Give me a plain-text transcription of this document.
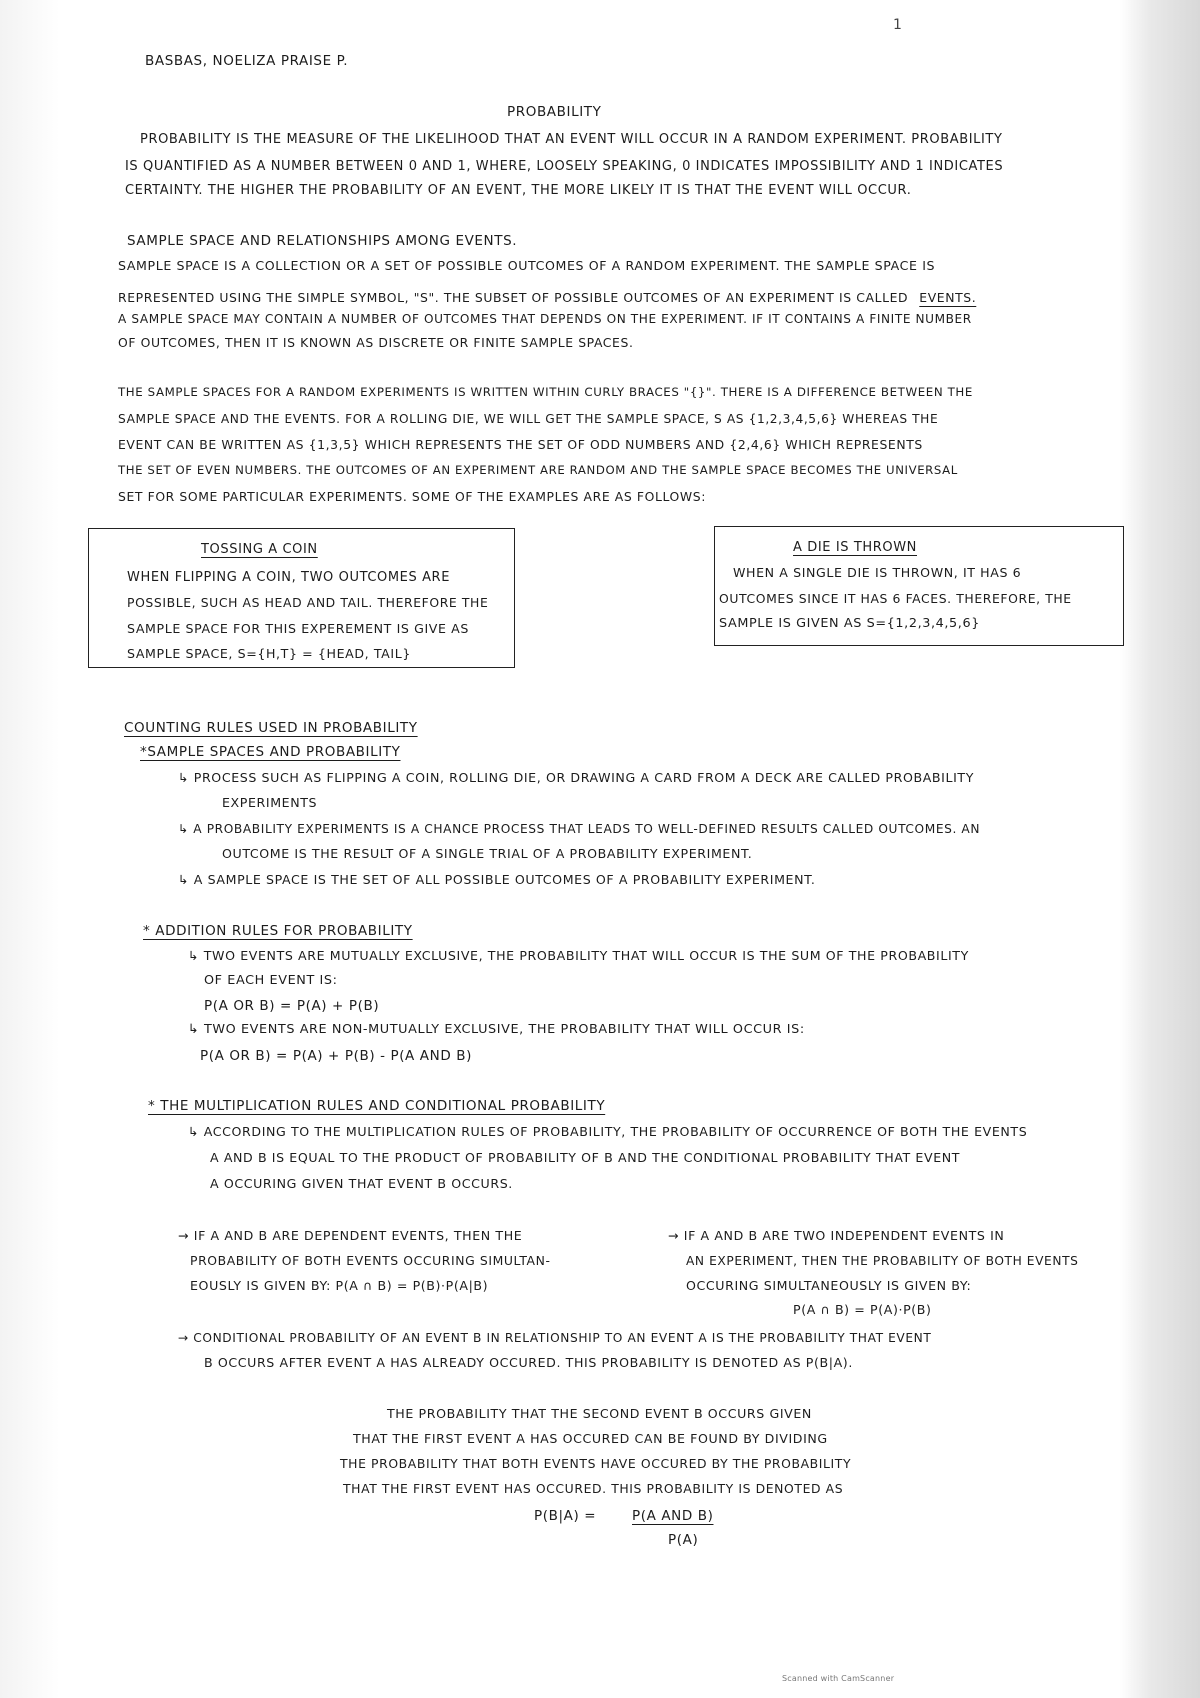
BASBAS, NOELIZA PRAISE P.
1
PROBABILITY
PROBABILITY IS THE MEASURE OF THE LIKELIHOOD THAT AN EVENT WILL OCCUR IN A RANDOM EXPERIMENT. PROBABILITY
IS QUANTIFIED AS A NUMBER BETWEEN 0 AND 1, WHERE, LOOSELY SPEAKING, 0 INDICATES IMPOSSIBILITY AND 1 INDICATES
CERTAINTY. THE HIGHER THE PROBABILITY OF AN EVENT, THE MORE LIKELY IT IS THAT THE EVENT WILL OCCUR.
SAMPLE SPACE AND RELATIONSHIPS AMONG EVENTS.
SAMPLE SPACE IS A COLLECTION OR A SET OF POSSIBLE OUTCOMES OF A RANDOM EXPERIMENT. THE SAMPLE SPACE IS
REPRESENTED USING THE SIMPLE SYMBOL, "S". THE SUBSET OF POSSIBLE OUTCOMES OF AN EXPERIMENT IS CALLED EVENTS.
A SAMPLE SPACE MAY CONTAIN A NUMBER OF OUTCOMES THAT DEPENDS ON THE EXPERIMENT. IF IT CONTAINS A FINITE NUMBER
OF OUTCOMES, THEN IT IS KNOWN AS DISCRETE OR FINITE SAMPLE SPACES.
THE SAMPLE SPACES FOR A RANDOM EXPERIMENTS IS WRITTEN WITHIN CURLY BRACES "{}". THERE IS A DIFFERENCE BETWEEN THE
SAMPLE SPACE AND THE EVENTS. FOR A ROLLING DIE, WE WILL GET THE SAMPLE SPACE, S AS {1,2,3,4,5,6} WHEREAS THE
EVENT CAN BE WRITTEN AS {1,3,5} WHICH REPRESENTS THE SET OF ODD NUMBERS AND {2,4,6} WHICH REPRESENTS
THE SET OF EVEN NUMBERS. THE OUTCOMES OF AN EXPERIMENT ARE RANDOM AND THE SAMPLE SPACE BECOMES THE UNIVERSAL
SET FOR SOME PARTICULAR EXPERIMENTS. SOME OF THE EXAMPLES ARE AS FOLLOWS:
TOSSING A COIN
WHEN FLIPPING A COIN, TWO OUTCOMES ARE
POSSIBLE, SUCH AS HEAD AND TAIL. THEREFORE THE
SAMPLE SPACE FOR THIS EXPEREMENT IS GIVE AS
SAMPLE SPACE, S={H,T} = {HEAD, TAIL}
A DIE IS THROWN
WHEN A SINGLE DIE IS THROWN, IT HAS 6
OUTCOMES SINCE IT HAS 6 FACES. THEREFORE, THE
SAMPLE IS GIVEN AS S={1,2,3,4,5,6}
COUNTING RULES USED IN PROBABILITY
*SAMPLE SPACES AND PROBABILITY
↳ PROCESS SUCH AS FLIPPING A COIN, ROLLING DIE, OR DRAWING A CARD FROM A DECK ARE CALLED PROBABILITY
EXPERIMENTS
↳ A PROBABILITY EXPERIMENTS IS A CHANCE PROCESS THAT LEADS TO WELL-DEFINED RESULTS CALLED OUTCOMES. AN
OUTCOME IS THE RESULT OF A SINGLE TRIAL OF A PROBABILITY EXPERIMENT.
↳ A SAMPLE SPACE IS THE SET OF ALL POSSIBLE OUTCOMES OF A PROBABILITY EXPERIMENT.
* ADDITION RULES FOR PROBABILITY
↳ TWO EVENTS ARE MUTUALLY EXCLUSIVE, THE PROBABILITY THAT WILL OCCUR IS THE SUM OF THE PROBABILITY
OF EACH EVENT IS:
P(A OR B) = P(A) + P(B)
↳ TWO EVENTS ARE NON-MUTUALLY EXCLUSIVE, THE PROBABILITY THAT WILL OCCUR IS:
P(A OR B) = P(A) + P(B) - P(A AND B)
* THE MULTIPLICATION RULES AND CONDITIONAL PROBABILITY
↳ ACCORDING TO THE MULTIPLICATION RULES OF PROBABILITY, THE PROBABILITY OF OCCURRENCE OF BOTH THE EVENTS
A AND B IS EQUAL TO THE PRODUCT OF PROBABILITY OF B AND THE CONDITIONAL PROBABILITY THAT EVENT
A OCCURING GIVEN THAT EVENT B OCCURS.
→ IF A AND B ARE DEPENDENT EVENTS, THEN THE
PROBABILITY OF BOTH EVENTS OCCURING SIMULTAN-
EOUSLY IS GIVEN BY: P(A ∩ B) = P(B)·P(A|B)
→ IF A AND B ARE TWO INDEPENDENT EVENTS IN
AN EXPERIMENT, THEN THE PROBABILITY OF BOTH EVENTS
OCCURING SIMULTANEOUSLY IS GIVEN BY:
P(A ∩ B) = P(A)·P(B)
→ CONDITIONAL PROBABILITY OF AN EVENT B IN RELATIONSHIP TO AN EVENT A IS THE PROBABILITY THAT EVENT
B OCCURS AFTER EVENT A HAS ALREADY OCCURED. THIS PROBABILITY IS DENOTED AS P(B|A).
THE PROBABILITY THAT THE SECOND EVENT B OCCURS GIVEN
THAT THE FIRST EVENT A HAS OCCURED CAN BE FOUND BY DIVIDING
THE PROBABILITY THAT BOTH EVENTS HAVE OCCURED BY THE PROBABILITY
THAT THE FIRST EVENT HAS OCCURED. THIS PROBABILITY IS DENOTED AS
P(B|A) =	P(A AND B)
P(A)
Scanned with CamScanner
